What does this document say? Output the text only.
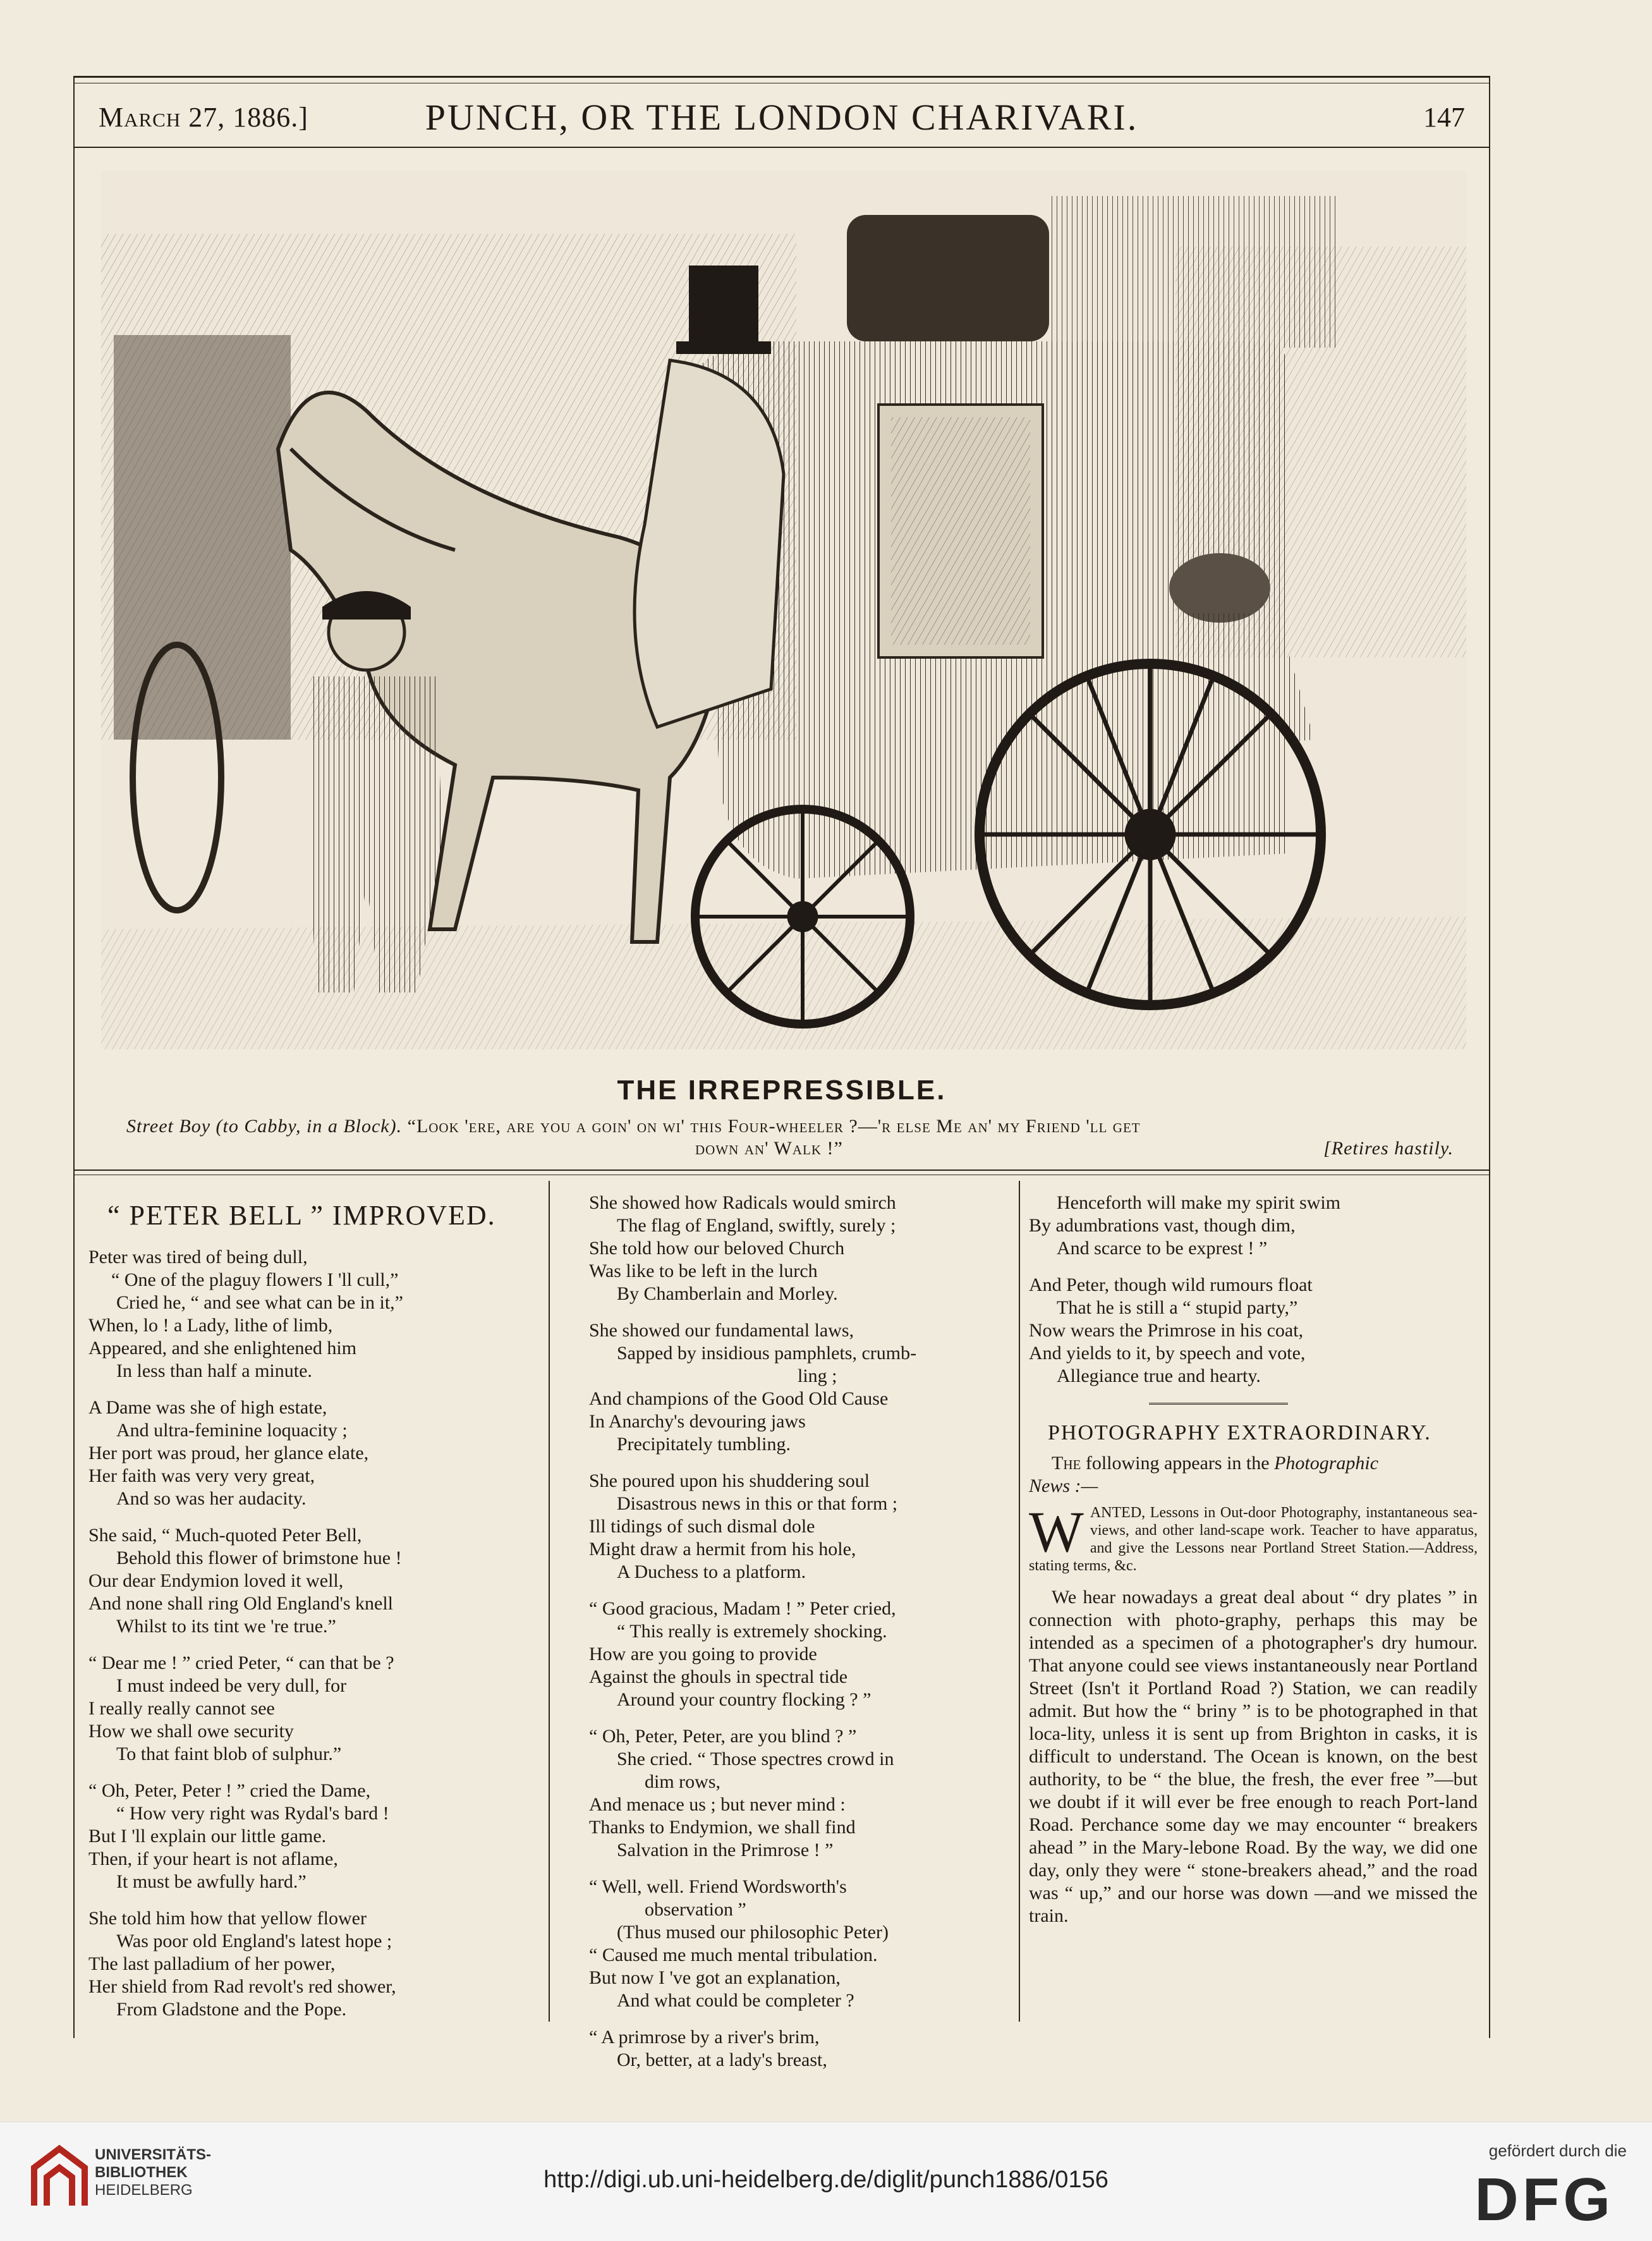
March 27, 1886.]	PUNCH, OR THE LONDON CHARIVARI.	147
THE IRREPRESSIBLE.
Street Boy (to Cabby, in a Block). “Look 'ere, are you a goin' on wi' this Four-wheeler ?—'r else Me an' my Friend 'll get
down an' Walk !”	[Retires hastily.

“ PETER BELL ” IMPROVED.

Peter was tired of being dull,

“ One of the plaguy flowers I 'll cull,”

Cried he, “ and see what can be in it,”

When, lo ! a Lady, lithe of limb,

Appeared, and she enlightened him

In less than half a minute.

A Dame was she of high estate,

And ultra-feminine loquacity ;

Her port was proud, her glance elate,

Her faith was very very great,

And so was her audacity.

She said, “ Much-quoted Peter Bell,

Behold this flower of brimstone hue !

Our dear Endymion loved it well,

And none shall ring Old England's knell

Whilst to its tint we 're true.”

“ Dear me ! ” cried Peter, “ can that be ?

I must indeed be very dull, for

I really really cannot see

How we shall owe security

To that faint blob of sulphur.”

“ Oh, Peter, Peter ! ” cried the Dame,

“ How very right was Rydal's bard !

But I 'll explain our little game.

Then, if your heart is not aflame,

It must be awfully hard.”

She told him how that yellow flower

Was poor old England's latest hope ;

The last palladium of her power,

Her shield from Rad revolt's red shower,

From Gladstone and the Pope.

She showed how Radicals would smirch

The flag of England, swiftly, surely ;

She told how our beloved Church

Was like to be left in the lurch

By Chamberlain and Morley.

She showed our fundamental laws,

Sapped by insidious pamphlets, crumb-

ling ;

And champions of the Good Old Cause

In Anarchy's devouring jaws

Precipitately tumbling.

She poured upon his shuddering soul

Disastrous news in this or that form ;

Ill tidings of such dismal dole

Might draw a hermit from his hole,

A Duchess to a platform.

“ Good gracious, Madam ! ” Peter cried,

“ This really is extremely shocking.

How are you going to provide

Against the ghouls in spectral tide

Around your country flocking ? ”

“ Oh, Peter, Peter, are you blind ? ”

She cried. “ Those spectres crowd in

dim rows,

And menace us ; but never mind :

Thanks to Endymion, we shall find

Salvation in the Primrose ! ”

“ Well, well. Friend Wordsworth's

observation ”

(Thus mused our philosophic Peter)

“ Caused me much mental tribulation.

But now I 've got an explanation,

And what could be completer ?

“ A primrose by a river's brim,

Or, better, at a lady's breast,

Henceforth will make my spirit swim

By adumbrations vast, though dim,

And scarce to be exprest ! ”

And Peter, though wild rumours float

That he is still a “ stupid party,”

Now wears the Primrose in his coat,

And yields to it, by speech and vote,

Allegiance true and hearty.

PHOTOGRAPHY EXTRAORDINARY.

The following appears in the Photographic

News :—

WANTED, Lessons in Out-door Photography, instantaneous sea-views, and other land-scape work. Teacher to have apparatus, and give the Lessons near Portland Street Station.—Address, stating terms, &c.

We hear nowadays a great deal about “ dry plates ” in connection with photo-graphy, perhaps this may be intended as a specimen of a photographer's dry humour. That anyone could see views instantaneously near Portland Street (Isn't it Portland Road ?) Station, we can readily admit. But how the “ briny ” is to be photographed in that loca-lity, unless it is sent up from Brighton in casks, it is difficult to understand. The Ocean is known, on the best authority, to be “ the blue, the fresh, the ever free ”—but we doubt if it will ever be free enough to reach Port-land Road. Perchance some day we may encounter “ breakers ahead ” in the Mary-lebone Road. By the way, we did one day, only they were “ stone-breakers ahead,” and the road was “ up,” and our horse was down —and we missed the train.

UNIVERSITÄTS-
BIBLIOTHEK
HEIDELBERG	http://digi.ub.uni-heidelberg.de/diglit/punch1886/0156
gefördert durch die
DFG
